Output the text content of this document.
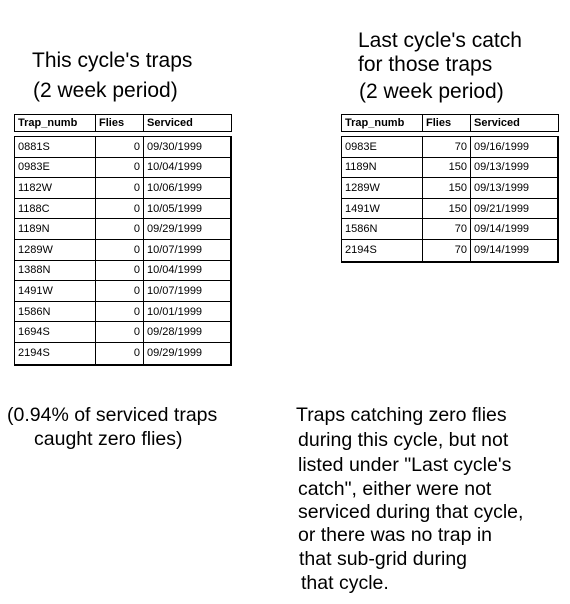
This cycle's traps
(2 week period)
Last cycle's catch
for those traps
(2 week period)
Trap_numb	Flies	Serviced
0881S	0 09/30/1999
0983E	0 10/04/1999
1182W	0 10/06/1999
1188C	0 10/05/1999
1189N	0 09/29/1999
1289W	0 10/07/1999
1388N	0 10/04/1999
1491W	0 10/07/1999
1586N	0 10/01/1999
1694S	0 09/28/1999
2194S	0 09/29/1999
Trap_numb	Flies	Serviced
0983E	70 09/16/1999
1189N	150 09/13/1999
1289W	150 09/13/1999
1491W	150 09/21/1999
1586N	70 09/14/1999
2194S	70 09/14/1999
(0.94% of serviced traps
caught zero flies)
Traps catching zero flies
during this cycle, but not
listed under "Last cycle's
catch", either were not
serviced during that cycle,
or there was no trap in
that sub-grid during
that cycle.
